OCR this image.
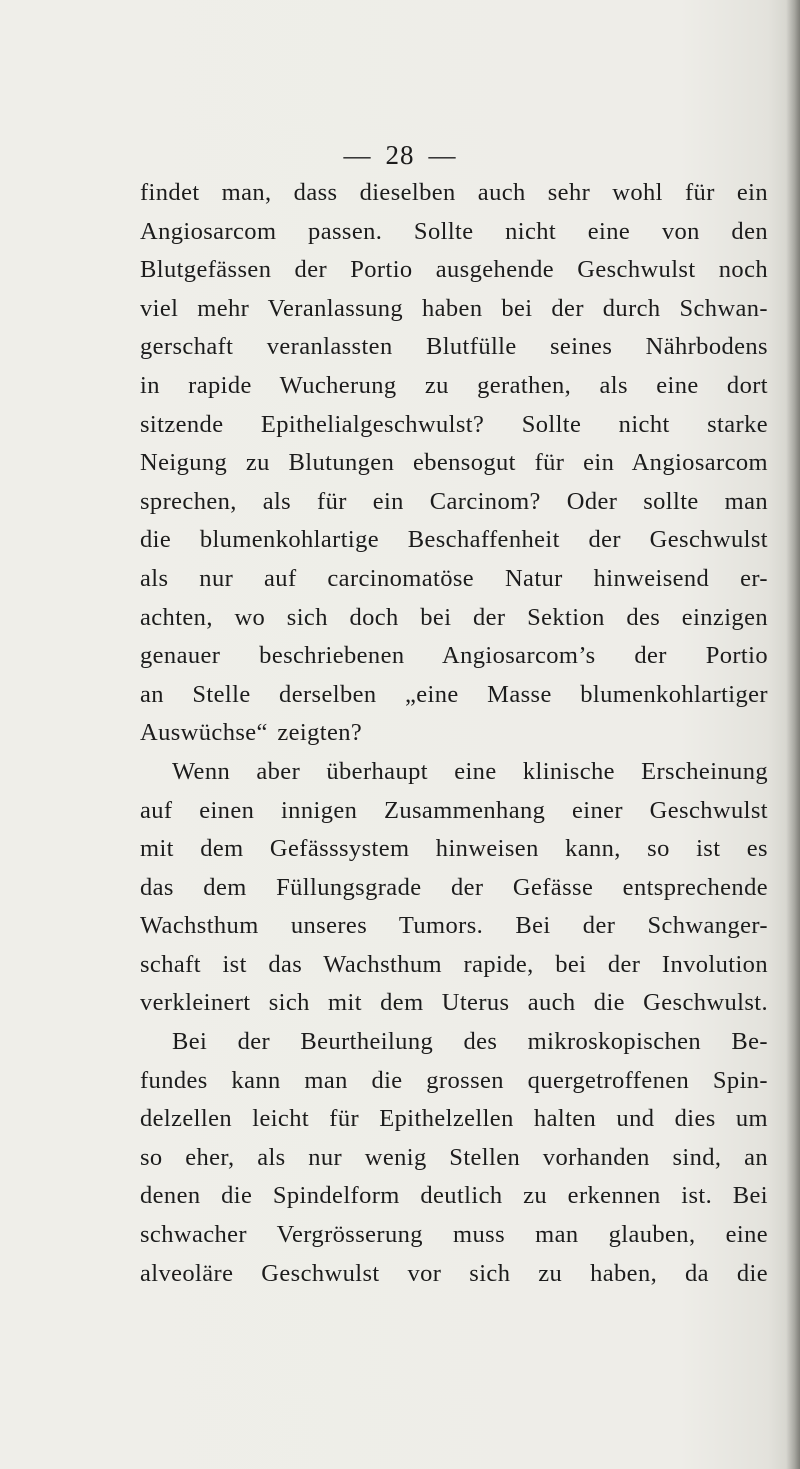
— 28 —
findet man, dass dieselben auch sehr wohl für ein
Angiosarcom passen. Sollte nicht eine von den
Blutgefässen der Portio ausgehende Geschwulst noch
viel mehr Veranlassung haben bei der durch Schwan-
gerschaft veranlassten Blutfülle seines Nährbodens
in rapide Wucherung zu gerathen, als eine dort
sitzende Epithelialgeschwulst? Sollte nicht starke
Neigung zu Blutungen ebensogut für ein Angiosarcom
sprechen, als für ein Carcinom? Oder sollte man
die blumenkohlartige Beschaffenheit der Geschwulst
als nur auf carcinomatöse Natur hinweisend er-
achten, wo sich doch bei der Sektion des einzigen
genauer beschriebenen Angiosarcom’s der Portio
an Stelle derselben „eine Masse blumenkohlartiger
Auswüchse“ zeigten?
Wenn aber überhaupt eine klinische Erscheinung
auf einen innigen Zusammenhang einer Geschwulst
mit dem Gefässsystem hinweisen kann, so ist es
das dem Füllungsgrade der Gefässe entsprechende
Wachsthum unseres Tumors. Bei der Schwanger-
schaft ist das Wachsthum rapide, bei der Involution
verkleinert sich mit dem Uterus auch die Geschwulst.
Bei der Beurtheilung des mikroskopischen Be-
fundes kann man die grossen quergetroffenen Spin-
delzellen leicht für Epithelzellen halten und dies um
so eher, als nur wenig Stellen vorhanden sind, an
denen die Spindelform deutlich zu erkennen ist. Bei
schwacher Vergrösserung muss man glauben, eine
alveoläre Geschwulst vor sich zu haben, da die
